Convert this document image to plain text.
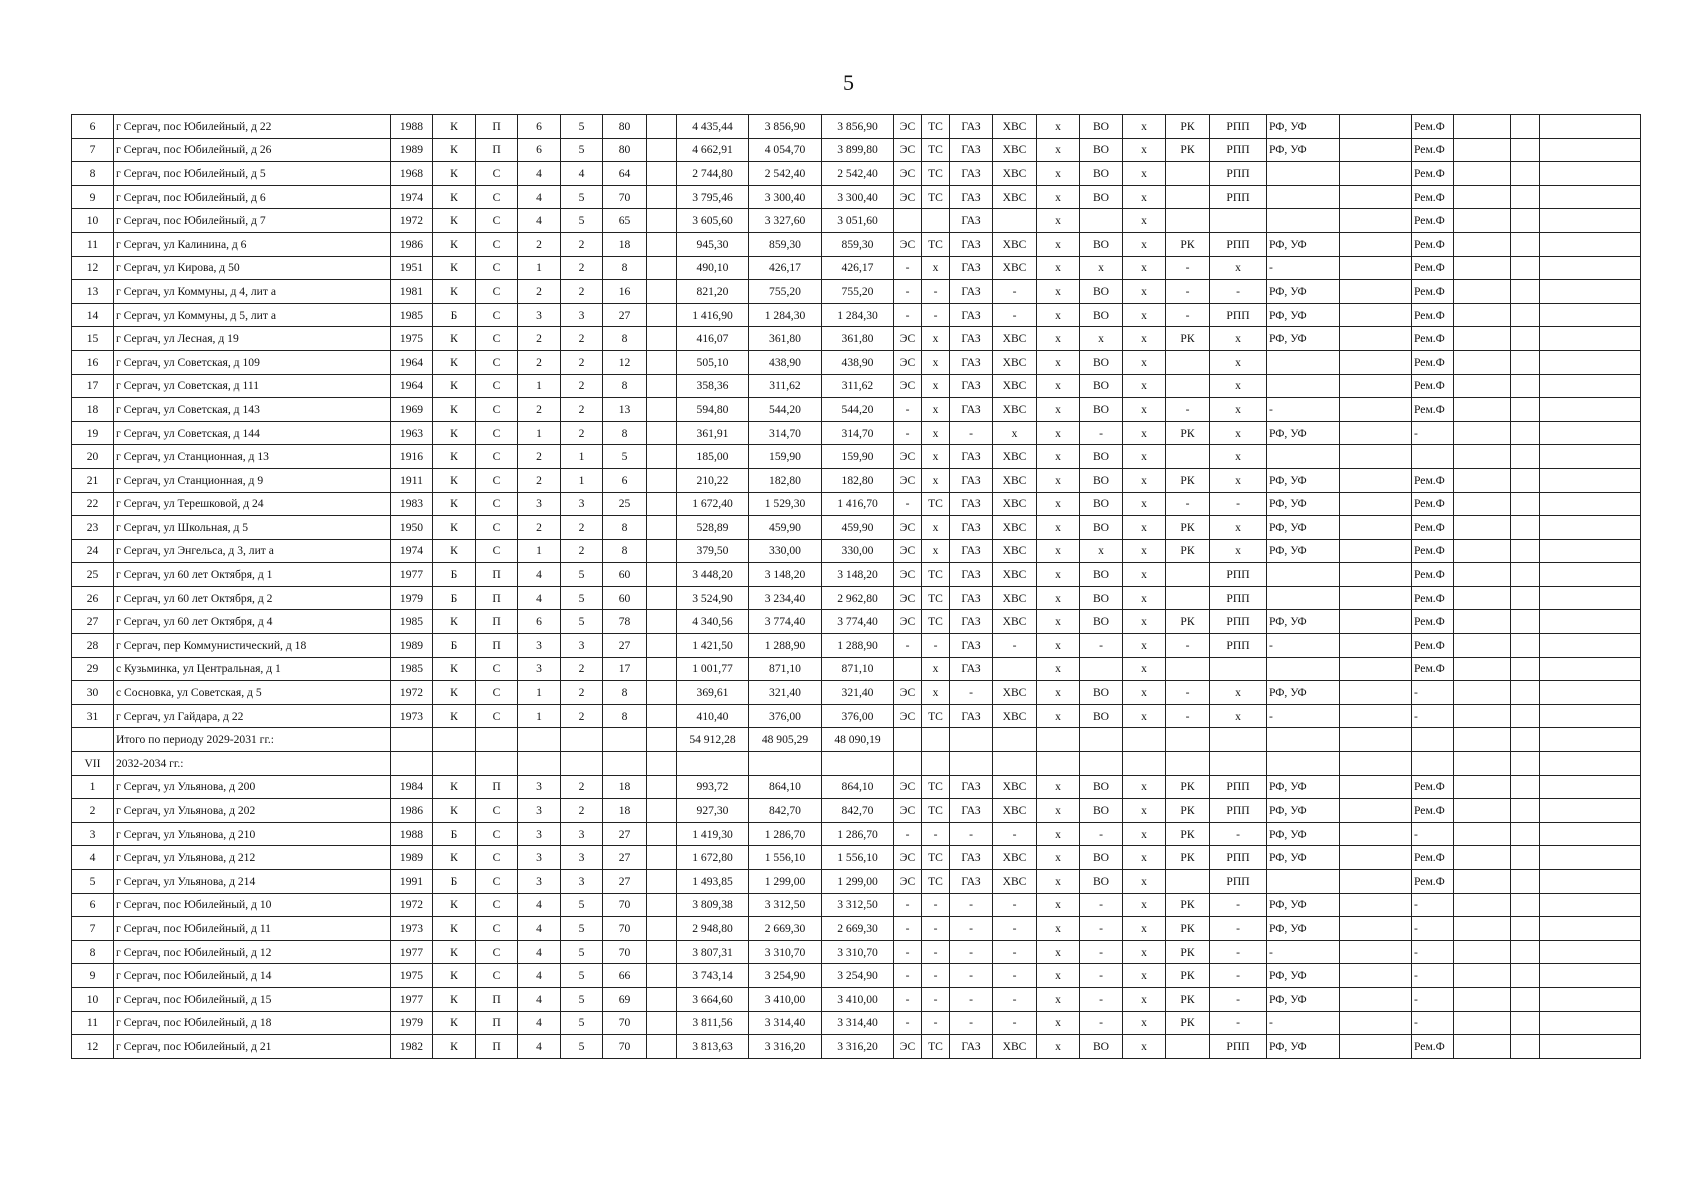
5
6	г Сергач, пос Юбилейный, д 22	1988	К	П	6	5	80		4 435,44	3 856,90	3 856,90	ЭС	ТС	ГАЗ	ХВС	х	ВО	х	РК	РПП	РФ, УФ		Рем.Ф			
7	г Сергач, пос Юбилейный, д 26	1989	К	П	6	5	80		4 662,91	4 054,70	3 899,80	ЭС	ТС	ГАЗ	ХВС	х	ВО	х	РК	РПП	РФ, УФ		Рем.Ф			
8	г Сергач, пос Юбилейный, д 5	1968	К	С	4	4	64		2 744,80	2 542,40	2 542,40	ЭС	ТС	ГАЗ	ХВС	х	ВО	х		РПП			Рем.Ф			
9	г Сергач, пос Юбилейный, д 6	1974	К	С	4	5	70		3 795,46	3 300,40	3 300,40	ЭС	ТС	ГАЗ	ХВС	х	ВО	х		РПП			Рем.Ф			
10	г Сергач, пос Юбилейный, д 7	1972	К	С	4	5	65		3 605,60	3 327,60	3 051,60			ГАЗ		х		х					Рем.Ф			
11	г Сергач, ул Калинина, д 6	1986	К	С	2	2	18		945,30	859,30	859,30	ЭС	ТС	ГАЗ	ХВС	х	ВО	х	РК	РПП	РФ, УФ		Рем.Ф			
12	г Сергач, ул Кирова, д 50	1951	К	С	1	2	8		490,10	426,17	426,17	-	х	ГАЗ	ХВС	х	х	х	-	х	-		Рем.Ф			
13	г Сергач, ул Коммуны, д 4, лит а	1981	К	С	2	2	16		821,20	755,20	755,20	-	-	ГАЗ	-	х	ВО	х	-	-	РФ, УФ		Рем.Ф			
14	г Сергач, ул Коммуны, д 5, лит а	1985	Б	С	3	3	27		1 416,90	1 284,30	1 284,30	-	-	ГАЗ	-	х	ВО	х	-	РПП	РФ, УФ		Рем.Ф			
15	г Сергач, ул Лесная, д 19	1975	К	С	2	2	8		416,07	361,80	361,80	ЭС	х	ГАЗ	ХВС	х	х	х	РК	х	РФ, УФ		Рем.Ф			
16	г Сергач, ул Советская, д 109	1964	К	С	2	2	12		505,10	438,90	438,90	ЭС	х	ГАЗ	ХВС	х	ВО	х		х			Рем.Ф			
17	г Сергач, ул Советская, д 111	1964	К	С	1	2	8		358,36	311,62	311,62	ЭС	х	ГАЗ	ХВС	х	ВО	х		х			Рем.Ф			
18	г Сергач, ул Советская, д 143	1969	К	С	2	2	13		594,80	544,20	544,20	-	х	ГАЗ	ХВС	х	ВО	х	-	х	-		Рем.Ф			
19	г Сергач, ул Советская, д 144	1963	К	С	1	2	8		361,91	314,70	314,70	-	х	-	х	х	-	х	РК	х	РФ, УФ		-			
20	г Сергач, ул Станционная, д 13	1916	К	С	2	1	5		185,00	159,90	159,90	ЭС	х	ГАЗ	ХВС	х	ВО	х		х						
21	г Сергач, ул Станционная, д 9	1911	К	С	2	1	6		210,22	182,80	182,80	ЭС	х	ГАЗ	ХВС	х	ВО	х	РК	х	РФ, УФ		Рем.Ф			
22	г Сергач, ул Терешковой, д 24	1983	К	С	3	3	25		1 672,40	1 529,30	1 416,70	-	ТС	ГАЗ	ХВС	х	ВО	х	-	-	РФ, УФ		Рем.Ф			
23	г Сергач, ул Школьная, д 5	1950	К	С	2	2	8		528,89	459,90	459,90	ЭС	х	ГАЗ	ХВС	х	ВО	х	РК	х	РФ, УФ		Рем.Ф			
24	г Сергач, ул Энгельса, д 3, лит а	1974	К	С	1	2	8		379,50	330,00	330,00	ЭС	х	ГАЗ	ХВС	х	х	х	РК	х	РФ, УФ		Рем.Ф			
25	г Сергач, ул 60 лет Октября, д 1	1977	Б	П	4	5	60		3 448,20	3 148,20	3 148,20	ЭС	ТС	ГАЗ	ХВС	х	ВО	х		РПП			Рем.Ф			
26	г Сергач, ул 60 лет Октября, д 2	1979	Б	П	4	5	60		3 524,90	3 234,40	2 962,80	ЭС	ТС	ГАЗ	ХВС	х	ВО	х		РПП			Рем.Ф			
27	г Сергач, ул 60 лет Октября, д 4	1985	К	П	6	5	78		4 340,56	3 774,40	3 774,40	ЭС	ТС	ГАЗ	ХВС	х	ВО	х	РК	РПП	РФ, УФ		Рем.Ф			
28	г Сергач, пер Коммунистический, д 18	1989	Б	П	3	3	27		1 421,50	1 288,90	1 288,90	-	-	ГАЗ	-	х	-	х	-	РПП	-		Рем.Ф			
29	с Кузьминка, ул Центральная, д 1	1985	К	С	3	2	17		1 001,77	871,10	871,10		х	ГАЗ		х		х					Рем.Ф			
30	с Сосновка, ул Советская, д 5	1972	К	С	1	2	8		369,61	321,40	321,40	ЭС	х	-	ХВС	х	ВО	х	-	х	РФ, УФ		-			
31	г Сергач, ул Гайдара, д 22	1973	К	С	1	2	8		410,40	376,00	376,00	ЭС	ТС	ГАЗ	ХВС	х	ВО	х	-	х	-		-			
	Итого по периоду 2029-2031 гг.:								54 912,28	48 905,29	48 090,19															
VII	2032-2034 гг.:																									
1	г Сергач, ул Ульянова, д 200	1984	К	П	3	2	18		993,72	864,10	864,10	ЭС	ТС	ГАЗ	ХВС	х	ВО	х	РК	РПП	РФ, УФ		Рем.Ф			
2	г Сергач, ул Ульянова, д 202	1986	К	С	3	2	18		927,30	842,70	842,70	ЭС	ТС	ГАЗ	ХВС	х	ВО	х	РК	РПП	РФ, УФ		Рем.Ф			
3	г Сергач, ул Ульянова, д 210	1988	Б	С	3	3	27		1 419,30	1 286,70	1 286,70	-	-	-	-	х	-	х	РК	-	РФ, УФ		-			
4	г Сергач, ул Ульянова, д 212	1989	К	С	3	3	27		1 672,80	1 556,10	1 556,10	ЭС	ТС	ГАЗ	ХВС	х	ВО	х	РК	РПП	РФ, УФ		Рем.Ф			
5	г Сергач, ул Ульянова, д 214	1991	Б	С	3	3	27		1 493,85	1 299,00	1 299,00	ЭС	ТС	ГАЗ	ХВС	х	ВО	х		РПП			Рем.Ф			
6	г Сергач, пос Юбилейный, д 10	1972	К	С	4	5	70		3 809,38	3 312,50	3 312,50	-	-	-	-	х	-	х	РК	-	РФ, УФ		-			
7	г Сергач, пос Юбилейный, д 11	1973	К	С	4	5	70		2 948,80	2 669,30	2 669,30	-	-	-	-	х	-	х	РК	-	РФ, УФ		-			
8	г Сергач, пос Юбилейный, д 12	1977	К	С	4	5	70		3 807,31	3 310,70	3 310,70	-	-	-	-	х	-	х	РК	-	-		-			
9	г Сергач, пос Юбилейный, д 14	1975	К	С	4	5	66		3 743,14	3 254,90	3 254,90	-	-	-	-	х	-	х	РК	-	РФ, УФ		-			
10	г Сергач, пос Юбилейный, д 15	1977	К	П	4	5	69		3 664,60	3 410,00	3 410,00	-	-	-	-	х	-	х	РК	-	РФ, УФ		-			
11	г Сергач, пос Юбилейный, д 18	1979	К	П	4	5	70		3 811,56	3 314,40	3 314,40	-	-	-	-	х	-	х	РК	-	-		-			
12	г Сергач, пос Юбилейный, д 21	1982	К	П	4	5	70		3 813,63	3 316,20	3 316,20	ЭС	ТС	ГАЗ	ХВС	х	ВО	х		РПП	РФ, УФ		Рем.Ф			
